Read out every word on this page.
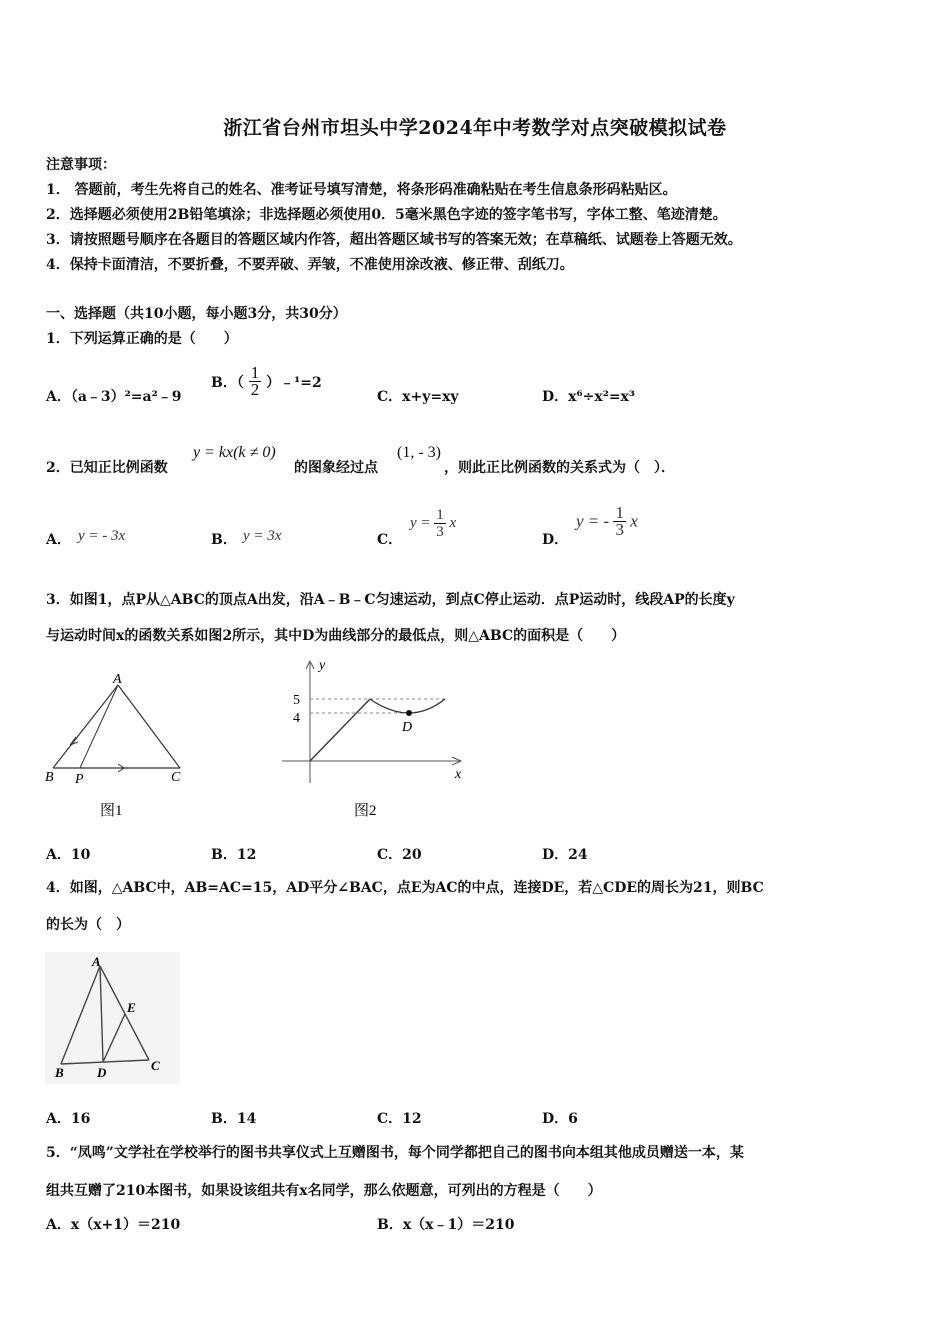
浙江省台州市坦头中学2024年中考数学对点突破模拟试卷
注意事项：
1． 答题前，考生先将自己的姓名、准考证号填写清楚，将条形码准确粘贴在考生信息条形码粘贴区。
2．选择题必须使用2B铅笔填涂；非选择题必须使用0．5毫米黑色字迹的签字笔书写，字体工整、笔迹清楚。
3．请按照题号顺序在各题目的答题区域内作答，超出答题区域书写的答案无效；在草稿纸、试题卷上答题无效。
4．保持卡面清洁，不要折叠，不要弄破、弄皱，不准使用涂改液、修正带、刮纸刀。
一、选择题（共10小题，每小题3分，共30分）
1．下列运算正确的是（　　）
A．（a﹣3）²=a²﹣9
B．（ $\frac{1}{2}$ ）﹣¹=2
C．x+y=xy	D．x⁶÷x²=x³
2．已知正比例函数
y = kx(k ≠ 0)
的图象经过点
(1, - 3)
，则此正比例函数的关系式为（　）．
A． y = - 3x	B． y = 3x	C．
$y = \frac{1}{3}$ x
D．
y = - $\frac{1}{3}$ x
3．如图1，点P从△ABC的顶点A出发，沿A﹣B﹣C匀速运动，到点C停止运动．点P运动时，线段AP的长度y
与运动时间x的函数关系如图2所示，其中D为曲线部分的最低点，则△ABC的面积是（　　）
A
B P	C
图1
y
x
5
4
D
图2
A．10	B．12	C．20	D．24
4．如图，△ABC中，AB=AC=15，AD平分∠BAC，点E为AC的中点，连接DE，若△CDE的周长为21，则BC
的长为（　）
A
E
B	D	C
A．16	B．14	C．12	D．6
5．“凤鸣”文学社在学校举行的图书共享仪式上互赠图书，每个同学都把自己的图书向本组其他成员赠送一本，某
组共互赠了210本图书，如果设该组共有x名同学，那么依题意，可列出的方程是（　　）
A．x（x+1）＝210	B．x（x﹣1）＝210
